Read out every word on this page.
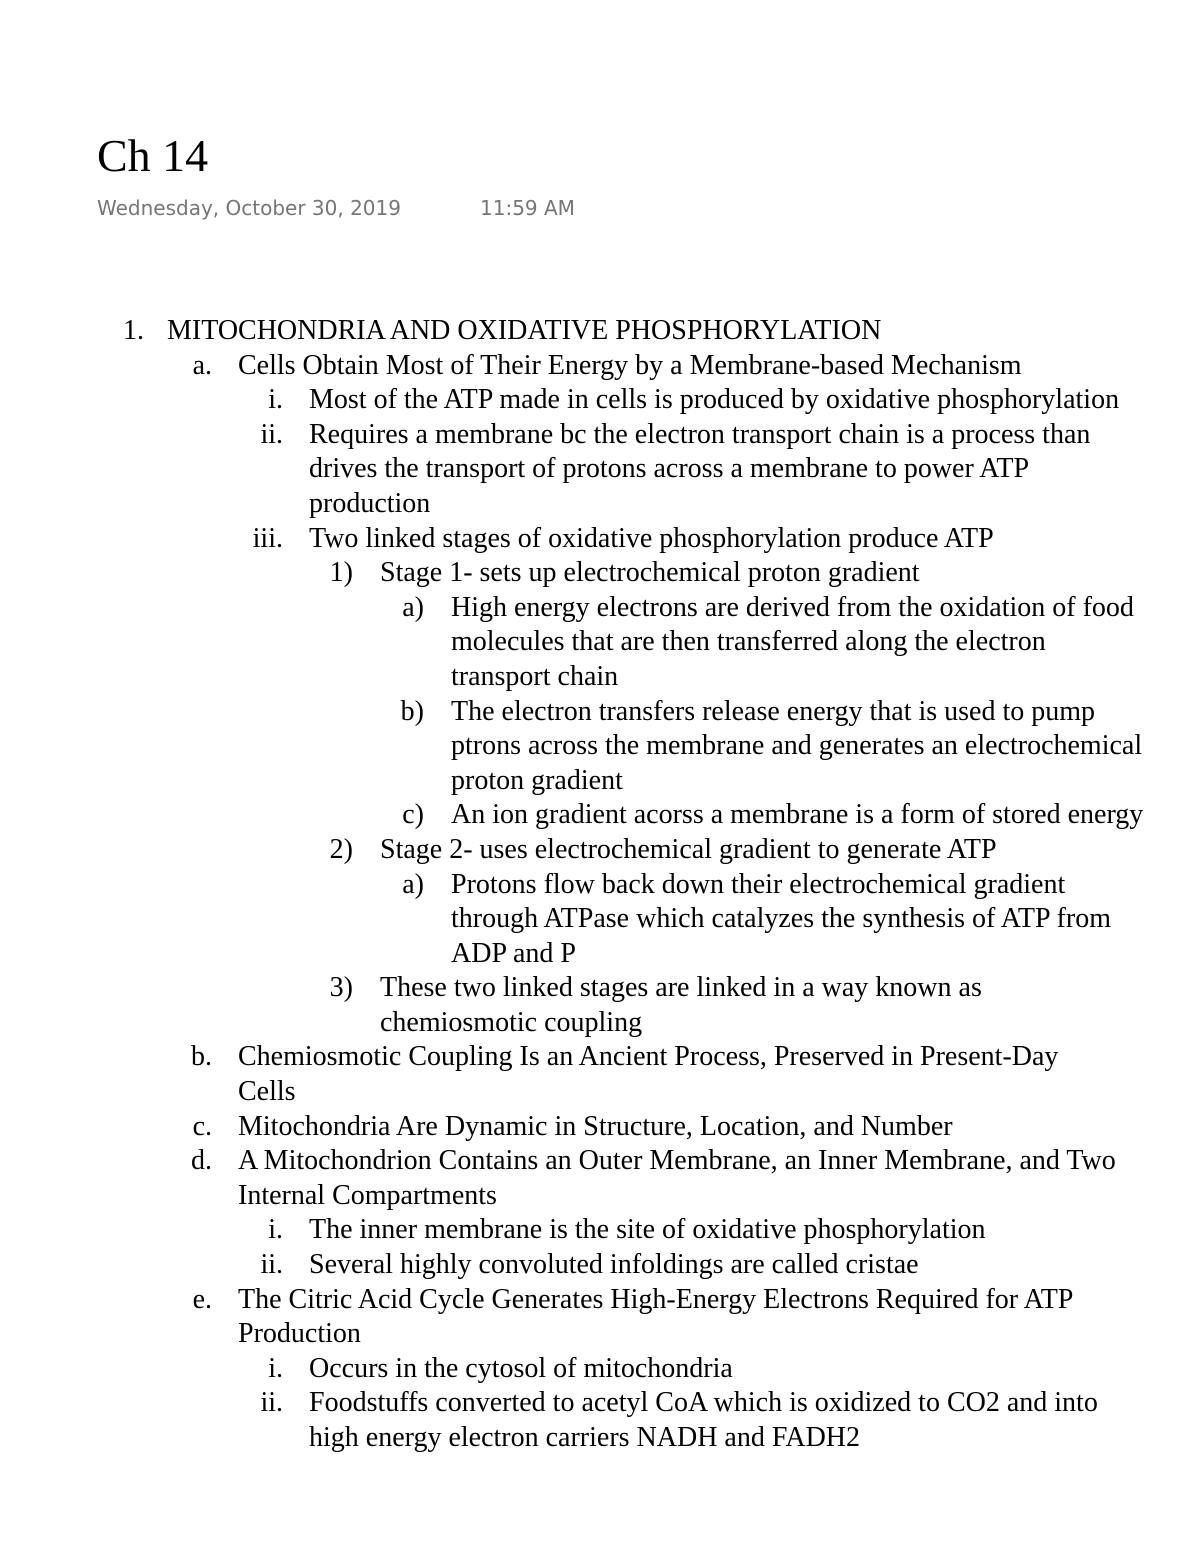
Ch 14
Wednesday, October 30, 2019	11:59 AM
1. MITOCHONDRIA AND OXIDATIVE PHOSPHORYLATION
a. Cells Obtain Most of Their Energy by a Membrane-based Mechanism
i. Most of the ATP made in cells is produced by oxidative phosphorylation
ii. Requires a membrane bc the electron transport chain is a process than
drives the transport of protons across a membrane to power ATP
production
iii. Two linked stages of oxidative phosphorylation produce ATP
1) Stage 1- sets up electrochemical proton gradient
a) High energy electrons are derived from the oxidation of food
molecules that are then transferred along the electron
transport chain
b) The electron transfers release energy that is used to pump
ptrons across the membrane and generates an electrochemical
proton gradient
c) An ion gradient acorss a membrane is a form of stored energy
2) Stage 2- uses electrochemical gradient to generate ATP
a) Protons flow back down their electrochemical gradient
through ATPase which catalyzes the synthesis of ATP from
ADP and P
3) These two linked stages are linked in a way known as
chemiosmotic coupling
b. Chemiosmotic Coupling Is an Ancient Process, Preserved in Present-Day
Cells
c. Mitochondria Are Dynamic in Structure, Location, and Number
d. A Mitochondrion Contains an Outer Membrane, an Inner Membrane, and Two
Internal Compartments
i. The inner membrane is the site of oxidative phosphorylation
ii. Several highly convoluted infoldings are called cristae
e. The Citric Acid Cycle Generates High-Energy Electrons Required for ATP
Production
i. Occurs in the cytosol of mitochondria
ii. Foodstuffs converted to acetyl CoA which is oxidized to CO2 and into
high energy electron carriers NADH and FADH2
